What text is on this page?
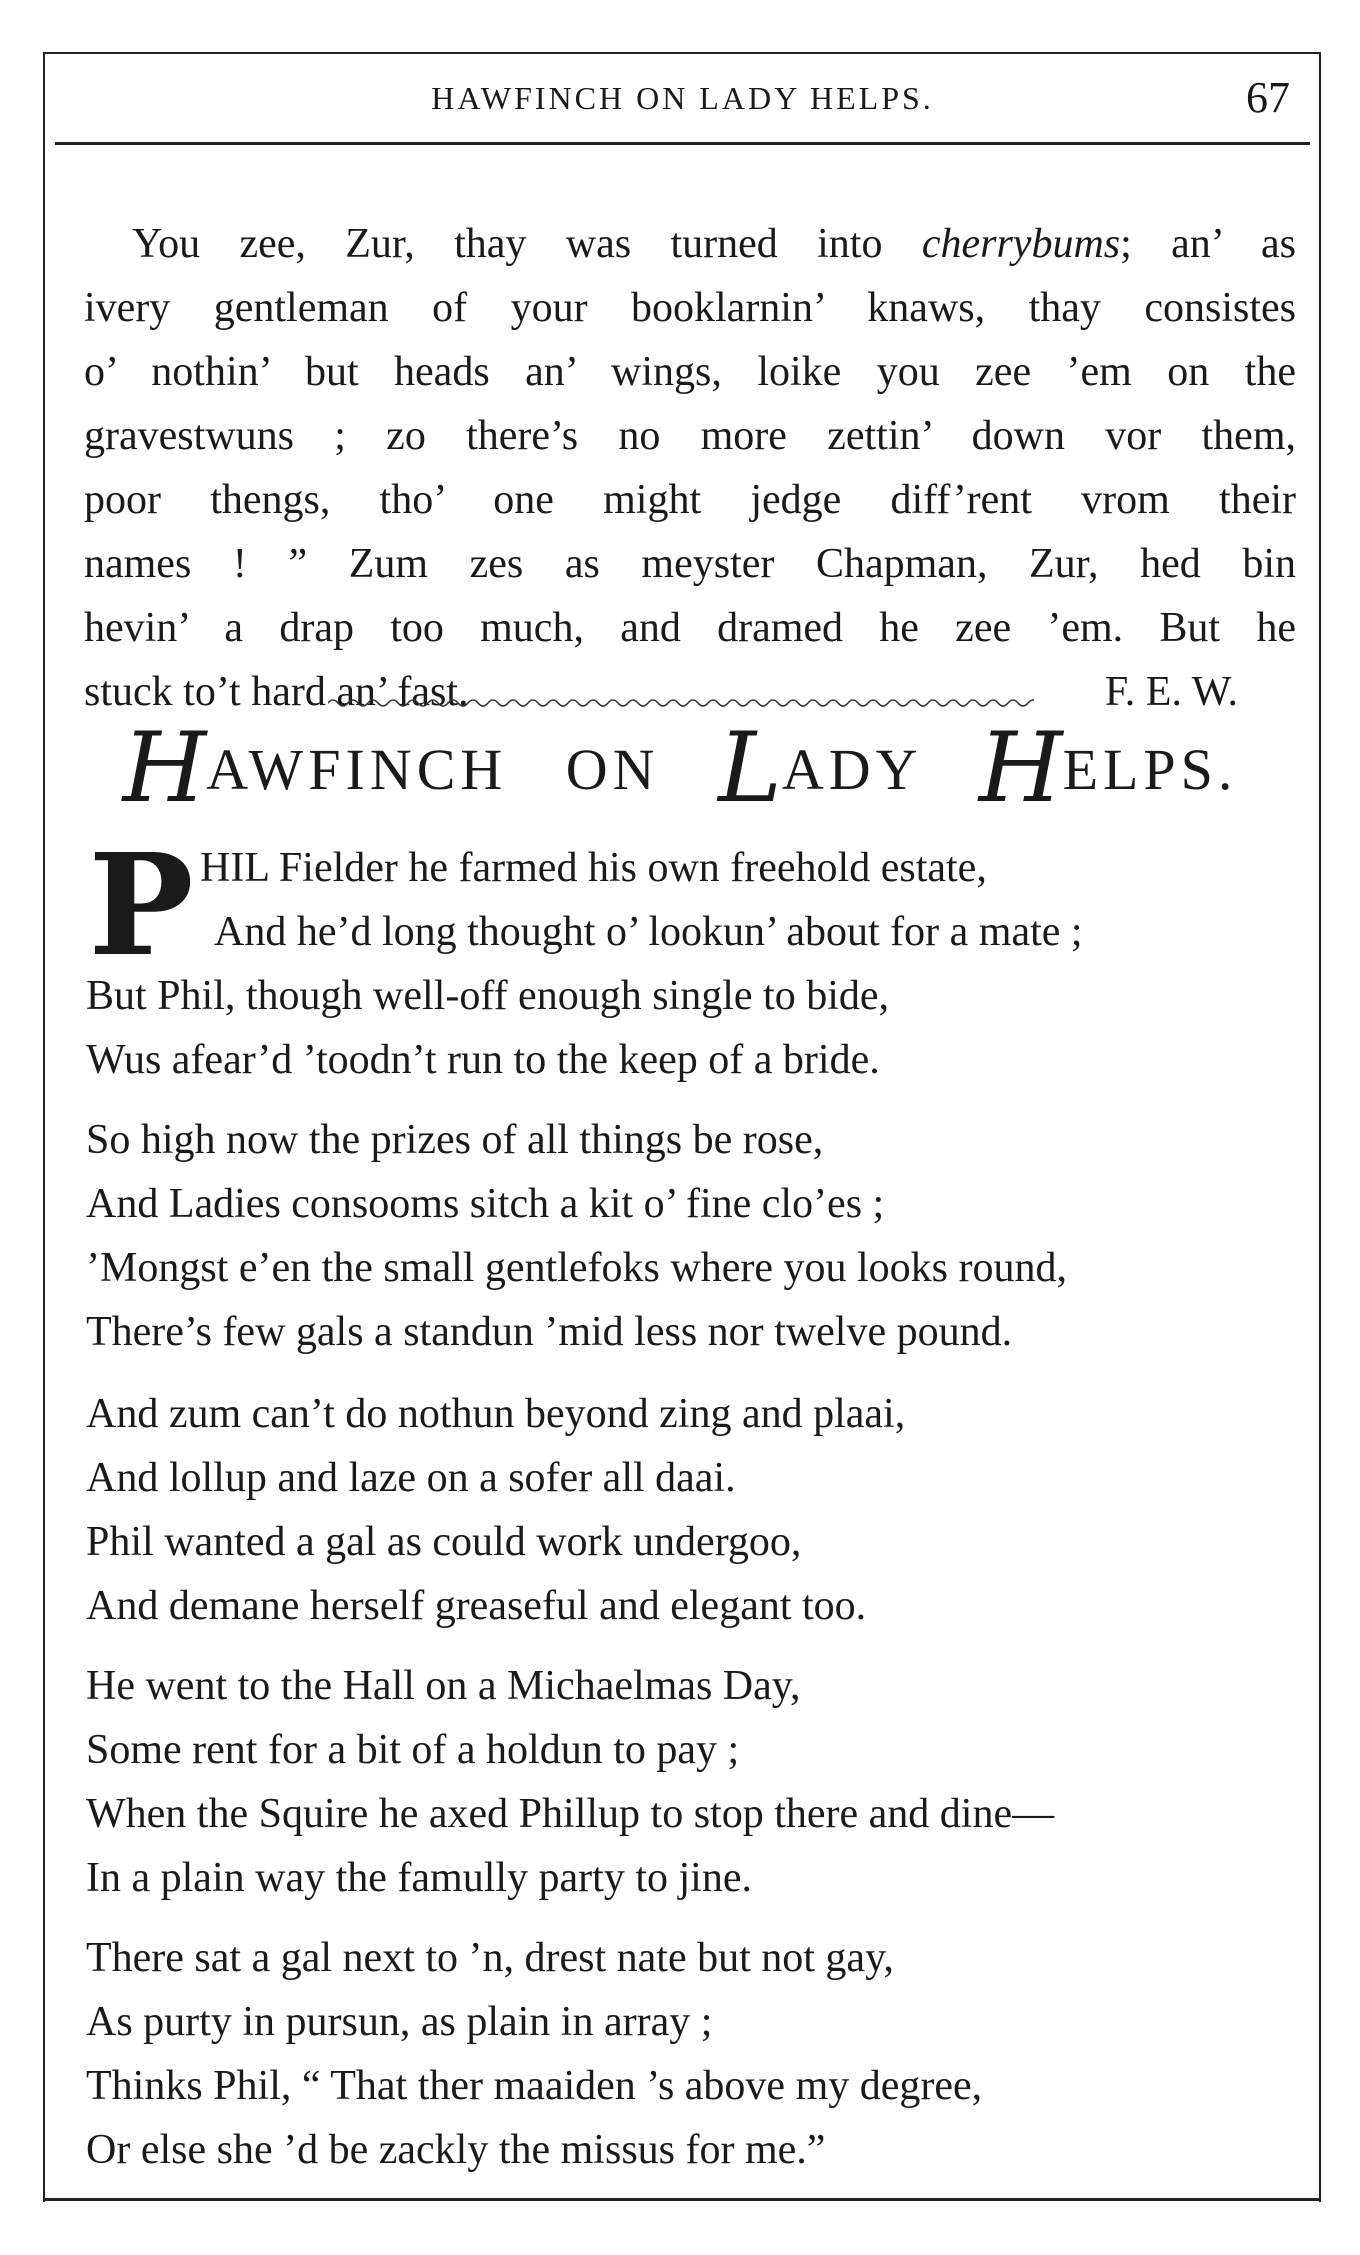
HAWFINCH ON LADY HELPS.	67
You zee, Zur, thay was turned into cherrybums; an’ as
ivery gentleman of your booklarnin’ knaws, thay consistes
o’ nothin’ but heads an’ wings, loike you zee ’em on the
gravestwuns ; zo there’s no more zettin’ down vor them,
poor thengs, tho’ one might jedge diff’rent vrom their
names ! ” Zum zes as meyster Chapman, Zur, hed bin
hevin’ a drap too much, and dramed he zee ’em. But he
stuck to’t hard an’ fast.	F. E. W.
HAWFINCH ON LADY HELPS.
P HIL Fielder he farmed his own freehold estate,
And he’d long thought o’ lookun’ about for a mate ;
But Phil, though well-off enough single to bide,
Wus afear’d ’toodn’t run to the keep of a bride.
So high now the prizes of all things be rose,
And Ladies consooms sitch a kit o’ fine clo’es ;
’Mongst e’en the small gentlefoks where you looks round,
There’s few gals a standun ’mid less nor twelve pound.
And zum can’t do nothun beyond zing and plaai,
And lollup and laze on a sofer all daai.
Phil wanted a gal as could work undergoo,
And demane herself greaseful and elegant too.
He went to the Hall on a Michaelmas Day,
Some rent for a bit of a holdun to pay ;
When the Squire he axed Phillup to stop there and dine—
In a plain way the famully party to jine.
There sat a gal next to ’n, drest nate but not gay,
As purty in pursun, as plain in array ;
Thinks Phil, “ That ther maaiden ’s above my degree,
Or else she ’d be zackly the missus for me.”
